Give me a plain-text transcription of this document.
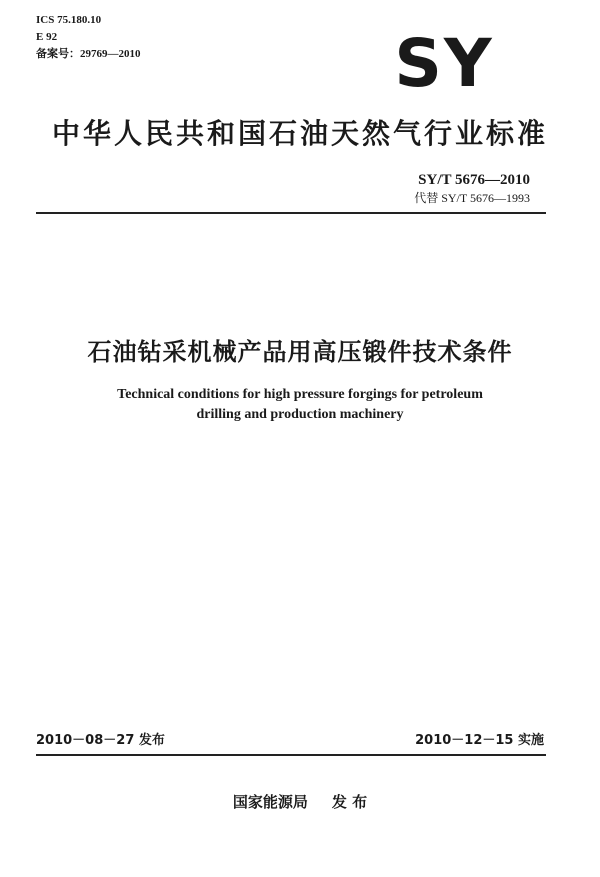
ICS 75.180.10
E 92
备案号：29769—2010	SY
中华人民共和国石油天然气行业标准
SY/T 5676—2010
代替 SY/T 5676—1993
石油钻采机械产品用高压锻件技术条件
Technical conditions for high pressure forgings for petroleum
drilling and production machinery
2010－08－27 发布	2010－12－15 实施
国家能源局 发 布
